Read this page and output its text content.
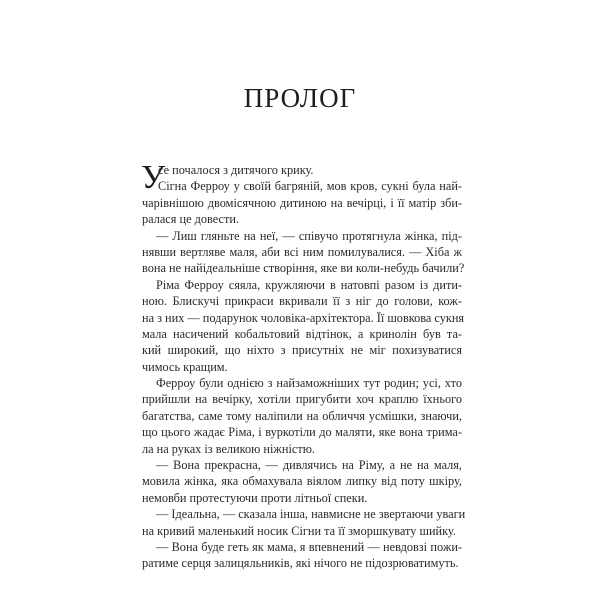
ПРОЛОГ
У
се почалося з дитячого крику.
Сігна Ферроу у своїй багряній, мов кров, сукні була най-
чарівнішою двомісячною дитиною на вечірці, і її матір зби-
ралася це довести.
— Лиш гляньте на неї, — співучо протягнула жінка, під-
нявши вертляве маля, аби всі ним помилувалися. — Хіба ж
вона не найідеальніше створіння, яке ви коли-небудь бачили?
Ріма Ферроу сяяла, кружляючи в натовпі разом із дити-
ною. Блискучі прикраси вкривали її з ніг до голови, кож-
на з них — подарунок чоловіка-архітектора. Її шовкова сукня
мала насичений кобальтовий відтінок, а кринолін був та-
кий широкий, що ніхто з присутніх не міг похизуватися
чимось кращим.
Ферроу були однією з найзаможніших тут родин; усі, хто
прийшли на вечірку, хотіли пригубити хоч краплю їхнього
багатства, саме тому наліпили на обличчя усмішки, знаючи,
що цього жадає Ріма, і вуркотіли до маляти, яке вона трима-
ла на руках із великою ніжністю.
— Вона прекрасна, — дивлячись на Ріму, а не на маля,
мовила жінка, яка обмахувала віялом липку від поту шкіру,
немовби протестуючи проти літньої спеки.
— Ідеальна, — сказала інша, навмисне не звертаючи уваги
на кривий маленький носик Сігни та її зморшкувату шийку.
— Вона буде геть як мама, я впевнений — невдовзі пожи-
ратиме серця залицяльників, які нічого не підозрюватимуть.
